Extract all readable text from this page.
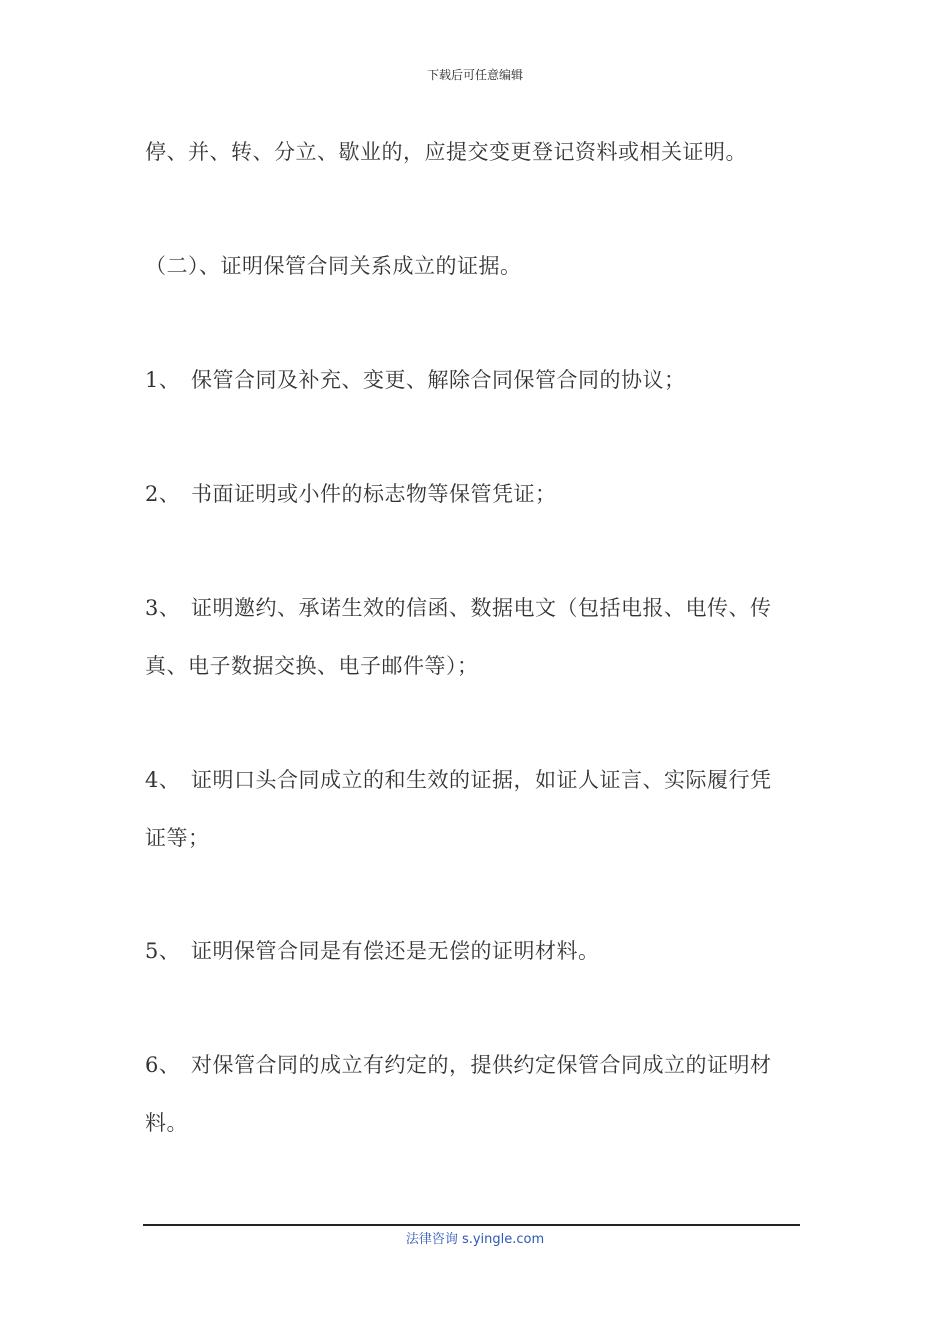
下载后可任意编辑
停、并、转、分立、歇业的，应提交变更登记资料或相关证明。
（二）、证明保管合同关系成立的证据。
1、 保管合同及补充、变更、解除合同保管合同的协议；
2、 书面证明或小件的标志物等保管凭证；
3、 证明邀约、承诺生效的信函、数据电文（包括电报、电传、传
真、电子数据交换、电子邮件等）；
4、 证明口头合同成立的和生效的证据，如证人证言、实际履行凭
证等；
5、 证明保管合同是有偿还是无偿的证明材料。
6、 对保管合同的成立有约定的，提供约定保管合同成立的证明材
料。
法律咨询 s.yingle.com
